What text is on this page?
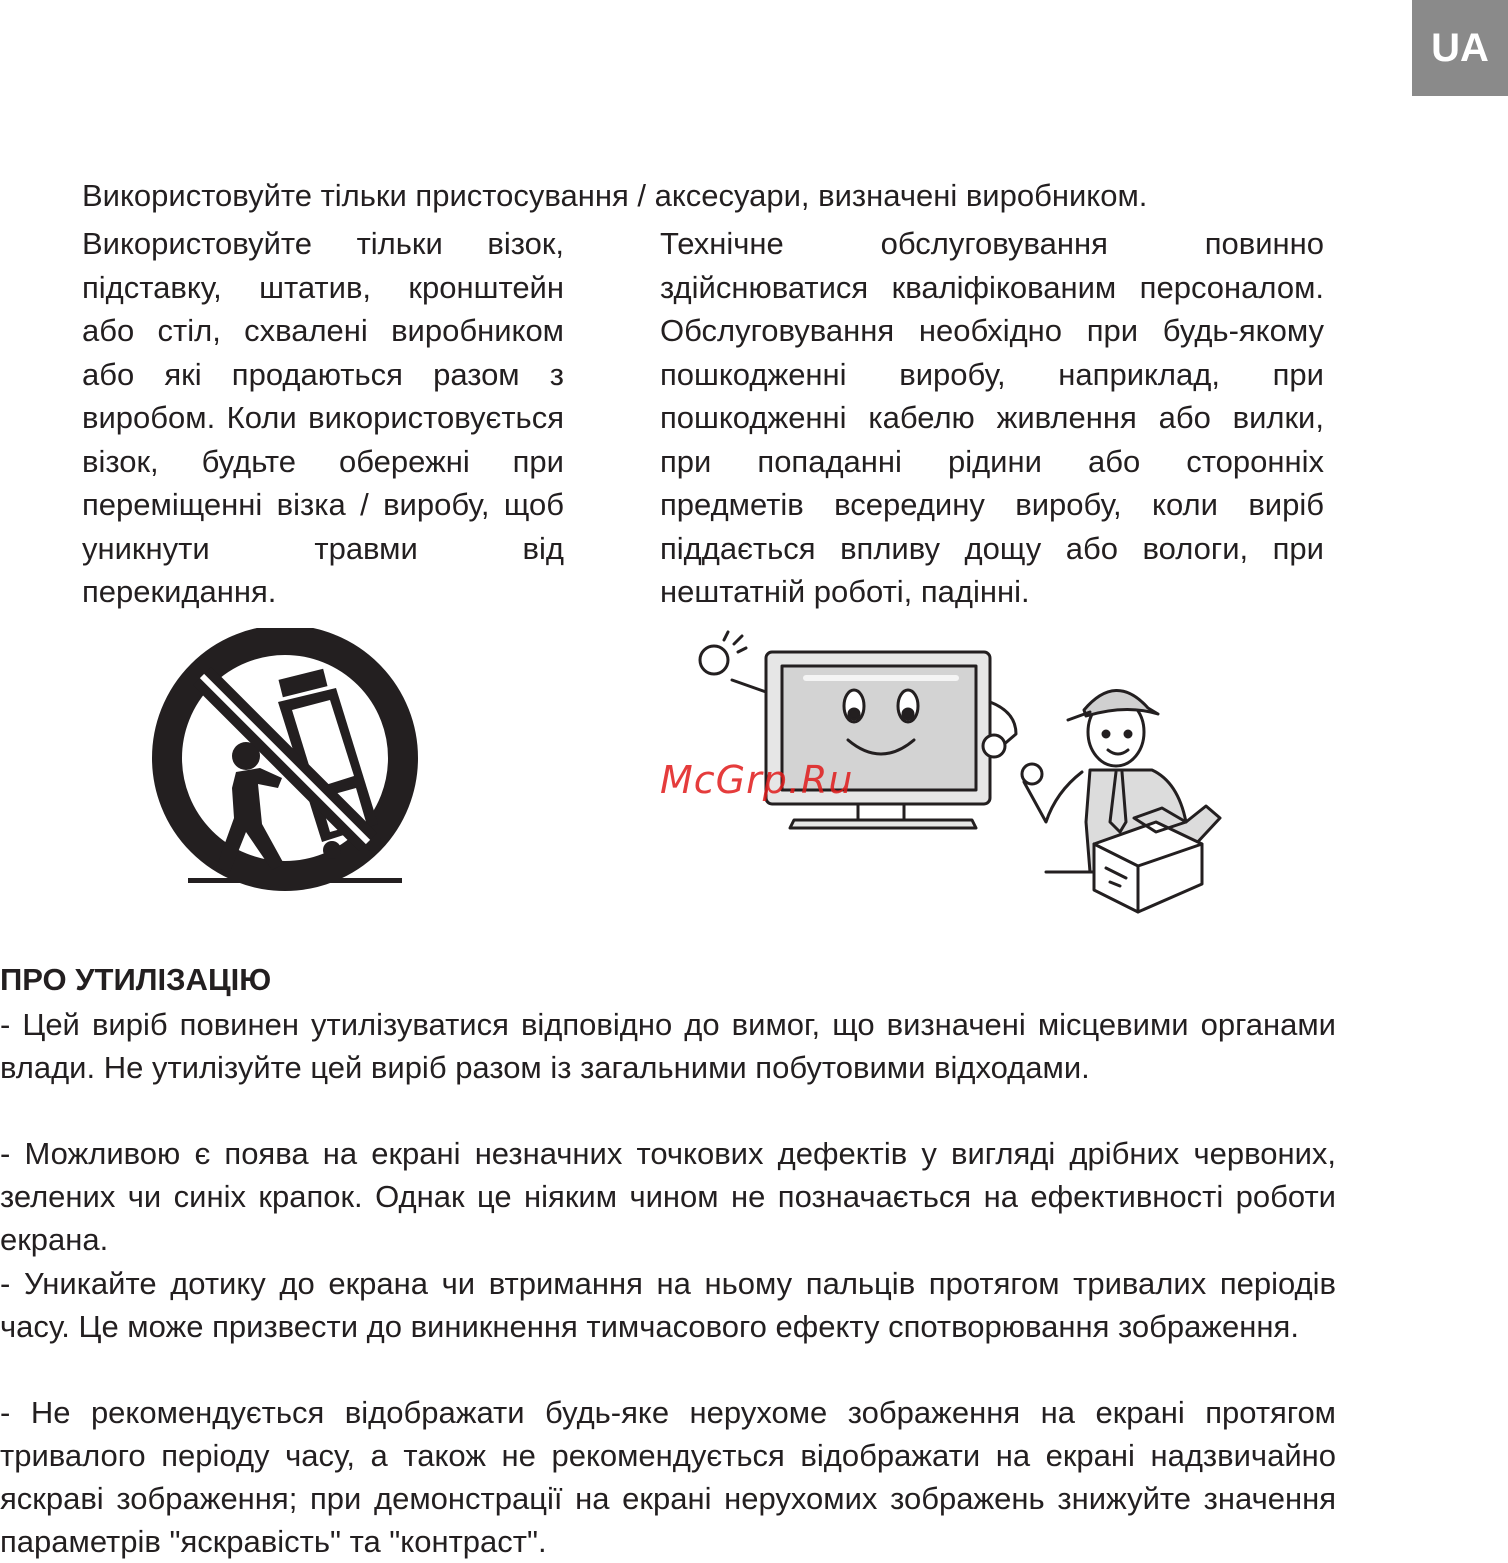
UA
Використовуйте тільки пристосування / аксесуари, визначені виробником.
Використовуйте тільки візок, підставку, штатив, кронштейн або стіл, схвалені виробником або які продаються разом з виробом. Коли використовується візок, будьте обережні при переміщенні візка / виробу, щоб уникнути травми від перекидання.
Технічне обслуговування повинно здійснюватися кваліфікованим персоналом. Обслуговування необхідно при будь-якому пошкодженні виробу, наприклад, при пошкодженні кабелю живлення або вилки, при попаданні рідини або сторонніх предметів всередину виробу, коли виріб піддається впливу дощу або вологи, при нештатній роботі, падінні.
McGrp.Ru
ПРО УТИЛІЗАЦІЮ

- Цей виріб повинен утилізуватися відповідно до вимог, що визначені місцевими органами влади. Не утилізуйте цей виріб разом із загальними побутовими відходами.

- Можливою є поява на екрані незначних точкових дефектів у вигляді дрібних червоних, зелених чи синіх крапок. Однак це ніяким чином не позначається на ефективності роботи екрана.

- Уникайте дотику до екрана чи втримання на ньому пальців протягом тривалих періодів часу. Це може призвести до виникнення тимчасового ефекту спотворювання зображення.

- Не рекомендується відображати будь-яке нерухоме зображення на екрані протягом тривалого періоду часу, а також не рекомендується відображати на екрані надзвичайно яскраві зображення; при демонстрації на екрані нерухомих зображень знижуйте значення параметрів "яскравість" та "контраст".
